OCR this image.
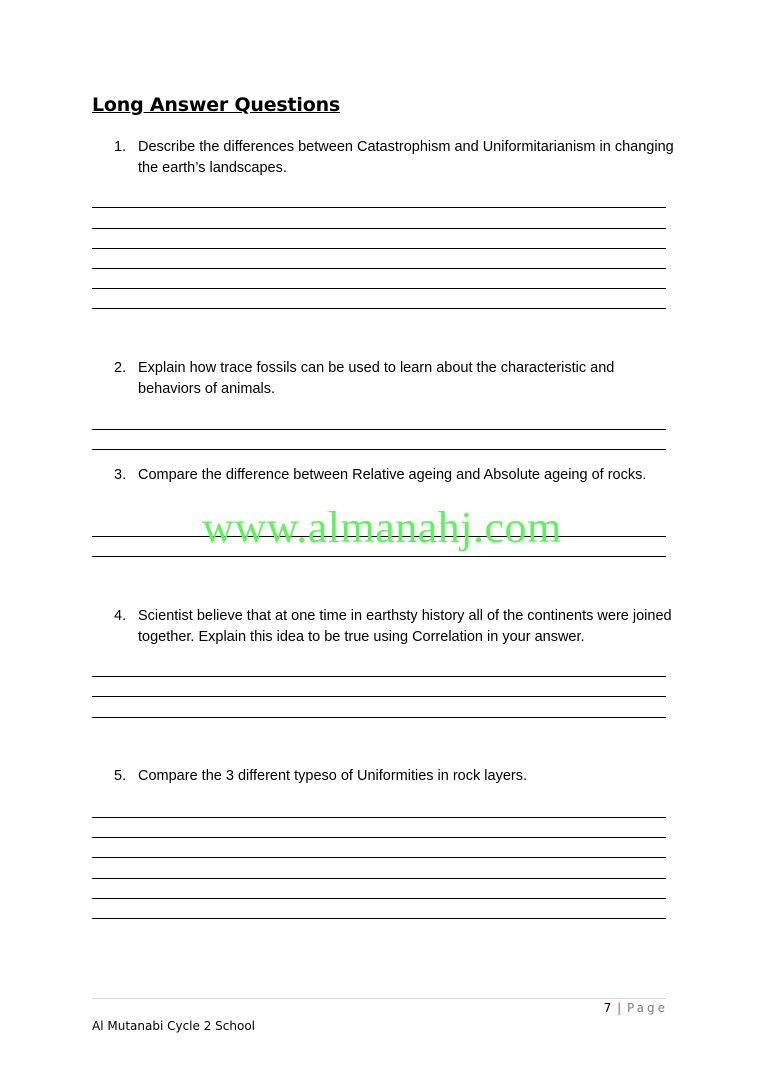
Long Answer Questions
1. Describe the differences between Catastrophism and Uniformitarianism in changing the earth’s landscapes.
2. Explain how trace fossils can be used to learn about the characteristic and behaviors of animals.
3. Compare the difference between Relative ageing and Absolute ageing of rocks.
www.almanahj.com
4. Scientist believe that at one time in earthsty history all of the continents were joined together. Explain this idea to be true using Correlation in your answer.
5. Compare the 3 different typeso of Uniformities in rock layers.
7 | Page
Al Mutanabi Cycle 2 School
